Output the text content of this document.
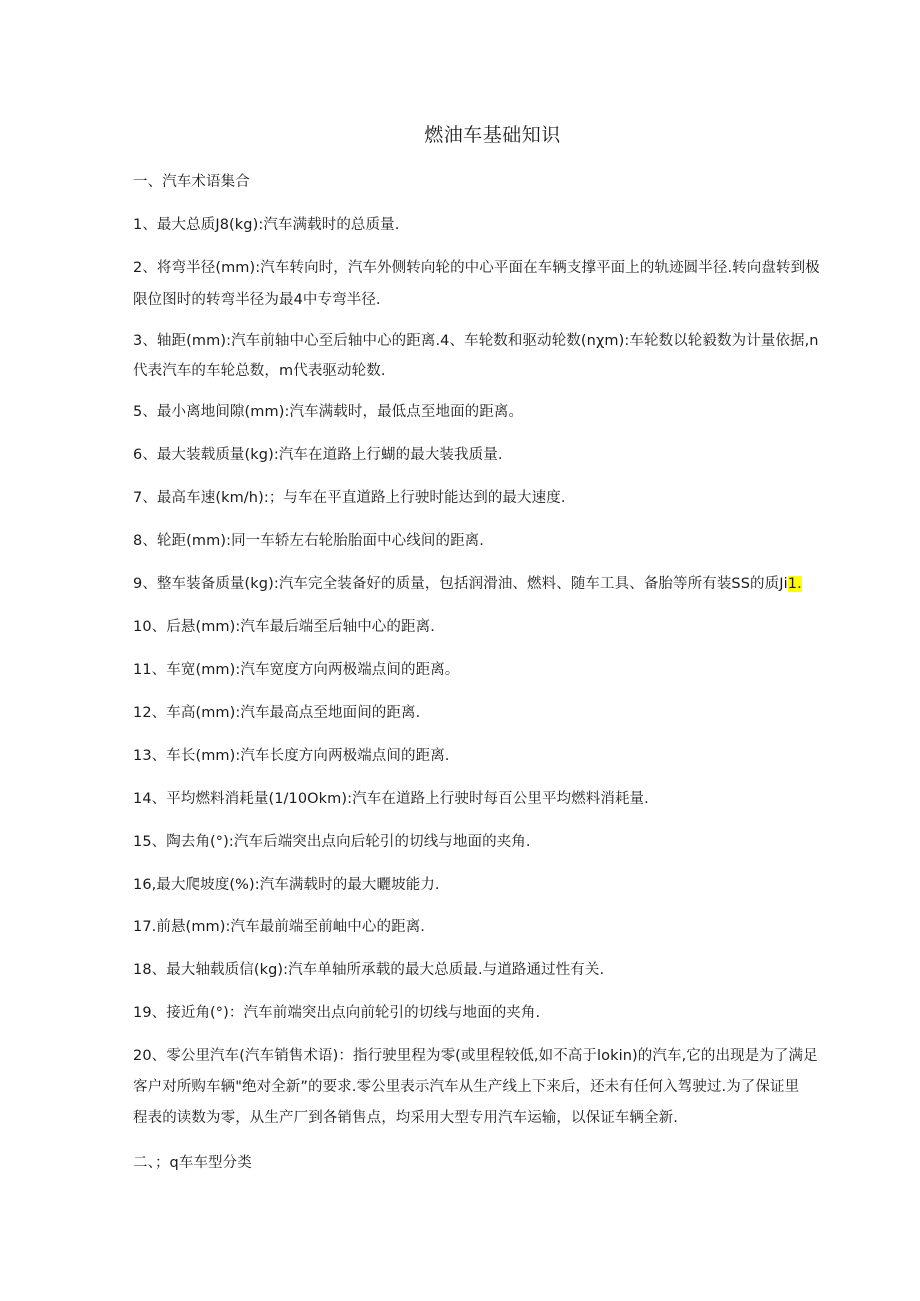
燃油车基础知识
一、汽车术语集合
1、最大总质J8(kg):汽车满载时的总质量.
2、将弯半径(mm):汽车转向时，汽车外侧转向轮的中心平面在车辆支撑平面上的轨迹圆半径.转向盘转到极
限位图时的转弯半径为最4中专弯半径.
3、轴距(mm):汽车前轴中心至后轴中心的距离.4、车轮数和驱动轮数(nχm):车轮数以轮毅数为计量依据,n
代表汽车的车轮总数，m代表驱动轮数.
5、最小离地间隙(mm):汽车满载时，最低点至地面的距离。
6、最大装载质量(kg):汽车在道路上行蝴的最大装我质量.
7、最高车速(km/h):；与车在平直道路上行驶时能达到的最大速度.
8、轮距(mm):同一车轿左右轮胎胎面中心线间的距离.
9、整车装备质量(kg):汽车完全装备好的质量，包括润滑油、燃料、随车工具、备胎等所有装SS的质Ji1.
10、后悬(mm):汽车最后端至后轴中心的距离.
11、车宽(mm):汽车宽度方向两极端点间的距离。
12、车高(mm):汽车最高点至地面间的距离.
13、车长(mm):汽车长度方向两极端点间的距离.
14、平均燃料消耗量(1/10Okm):汽车在道路上行驶时每百公里平均燃料消耗量.
15、陶去角(°):汽车后端突出点向后轮引的切线与地面的夹角.
16,最大爬坡度(%):汽车满载时的最大曬坡能力.
17.前悬(mm):汽车最前端至前岫中心的距离.
18、最大轴载质信(kg):汽车单轴所承载的最大总质最.与道路通过性有关.
19、接近角(°)：汽车前端突出点向前轮引的切线与地面的夹角.
20、零公里汽车(汽车销售术语)：指行驶里程为零(或里程较低,如不高于lokin)的汽车,它的出现是为了满足
客户对所购车辆"绝对全新”的要求.零公里表示汽车从生产线上下来后，还未有任何入驾驶过.为了保证里
程表的读数为零，从生产厂到各销售点，均采用大型专用汽车运输，以保证车辆全新.
二、；q车车型分类
